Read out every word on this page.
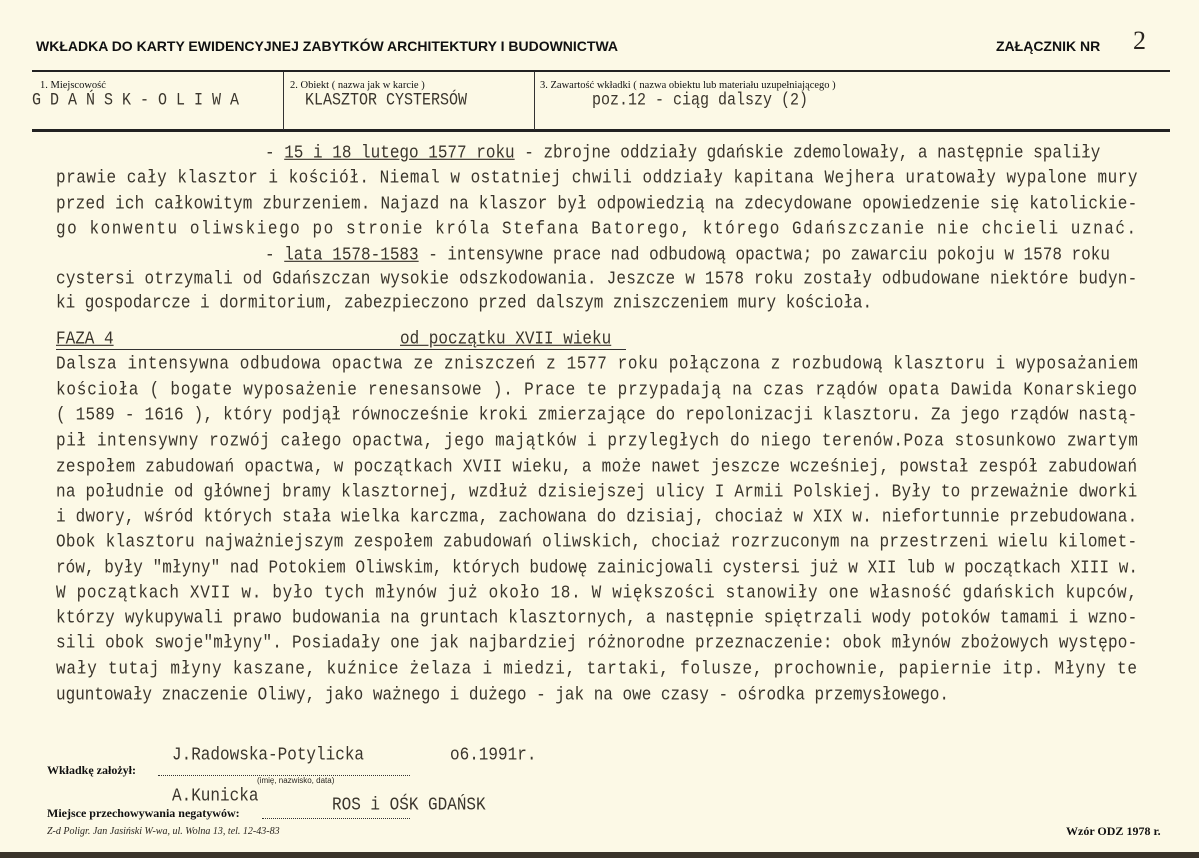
WKŁADKA DO KARTY EWIDENCYJNEJ ZABYTKÓW ARCHITEKTURY I BUDOWNICTWA	ZAŁĄCZNIK NR 2
1. Miejscowość
G D A Ń S K - O L I W A
2. Obiekt ( nazwa jak w karcie )
KLASZTOR CYSTERSÓW
3. Zawartość wkładki ( nazwa obiektu lub materiału uzupełniającego )
poz.12 - ciąg dalszy (2)
- 15 i 18 lutego 1577 roku - zbrojne oddziały gdańskie zdemolowały, a następnie spaliły
prawie cały klasztor i kościół. Niemal w ostatniej chwili oddziały kapitana Wejhera uratowały wypalone mury
przed ich całkowitym zburzeniem. Najazd na klaszor był odpowiedzią na zdecydowane opowiedzenie się katolickie-
go konwentu oliwskiego po stronie króla Stefana Batorego, którego Gdańszczanie nie chcieli uznać.
- lata 1578-1583 - intensywne prace nad odbudową opactwa; po zawarciu pokoju w 1578 roku
cystersi otrzymali od Gdańszczan wysokie odszkodowania. Jeszcze w 1578 roku zostały odbudowane niektóre budyn-
ki gospodarcze i dormitorium, zabezpieczono przed dalszym zniszczeniem mury kościoła.
FAZA 4	od początku XVII wieku
Dalsza intensywna odbudowa opactwa ze zniszczeń z 1577 roku połączona z rozbudową klasztoru i wyposażaniem
kościoła ( bogate wyposażenie renesansowe ). Prace te przypadają na czas rządów opata Dawida Konarskiego
( 1589 - 1616 ), który podjął równocześnie kroki zmierzające do repolonizacji klasztoru. Za jego rządów nastą-
pił intensywny rozwój całego opactwa, jego majątków i przyległych do niego terenów.Poza stosunkowo zwartym
zespołem zabudowań opactwa, w początkach XVII wieku, a może nawet jeszcze wcześniej, powstał zespół zabudowań
na południe od głównej bramy klasztornej, wzdłuż dzisiejszej ulicy I Armii Polskiej. Były to przeważnie dworki
i dwory, wśród których stała wielka karczma, zachowana do dzisiaj, chociaż w XIX w. niefortunnie przebudowana.
Obok klasztoru najważniejszym zespołem zabudowań oliwskich, chociaż rozrzuconym na przestrzeni wielu kilomet-
rów, były "młyny" nad Potokiem Oliwskim, których budowę zainicjowali cystersi już w XII lub w początkach XIII w.
W początkach XVII w. było tych młynów już około 18. W większości stanowiły one własność gdańskich kupców,
którzy wykupywali prawo budowania na gruntach klasztornych, a następnie spiętrzali wody potoków tamami i wzno-
sili obok swoje"młyny". Posiadały one jak najbardziej różnorodne przeznaczenie: obok młynów zbożowych występo-
wały tutaj młyny kaszane, kuźnice żelaza i miedzi, tartaki, folusze, prochownie, papiernie itp. Młyny te
uguntowały znaczenie Oliwy, jako ważnego i dużego - jak na owe czasy - ośrodka przemysłowego.
J.Radowska-Potylicka	o6.1991r.
Wkładkę założył:
(imię, nazwisko, data)
A.Kunicka	ROS i OŚK GDAŃSK
Miejsce przechowywania negatywów:
Z-d Poligr. Jan Jasiński W-wa, ul. Wolna 13, tel. 12-43-83	Wzór ODZ 1978 r.
